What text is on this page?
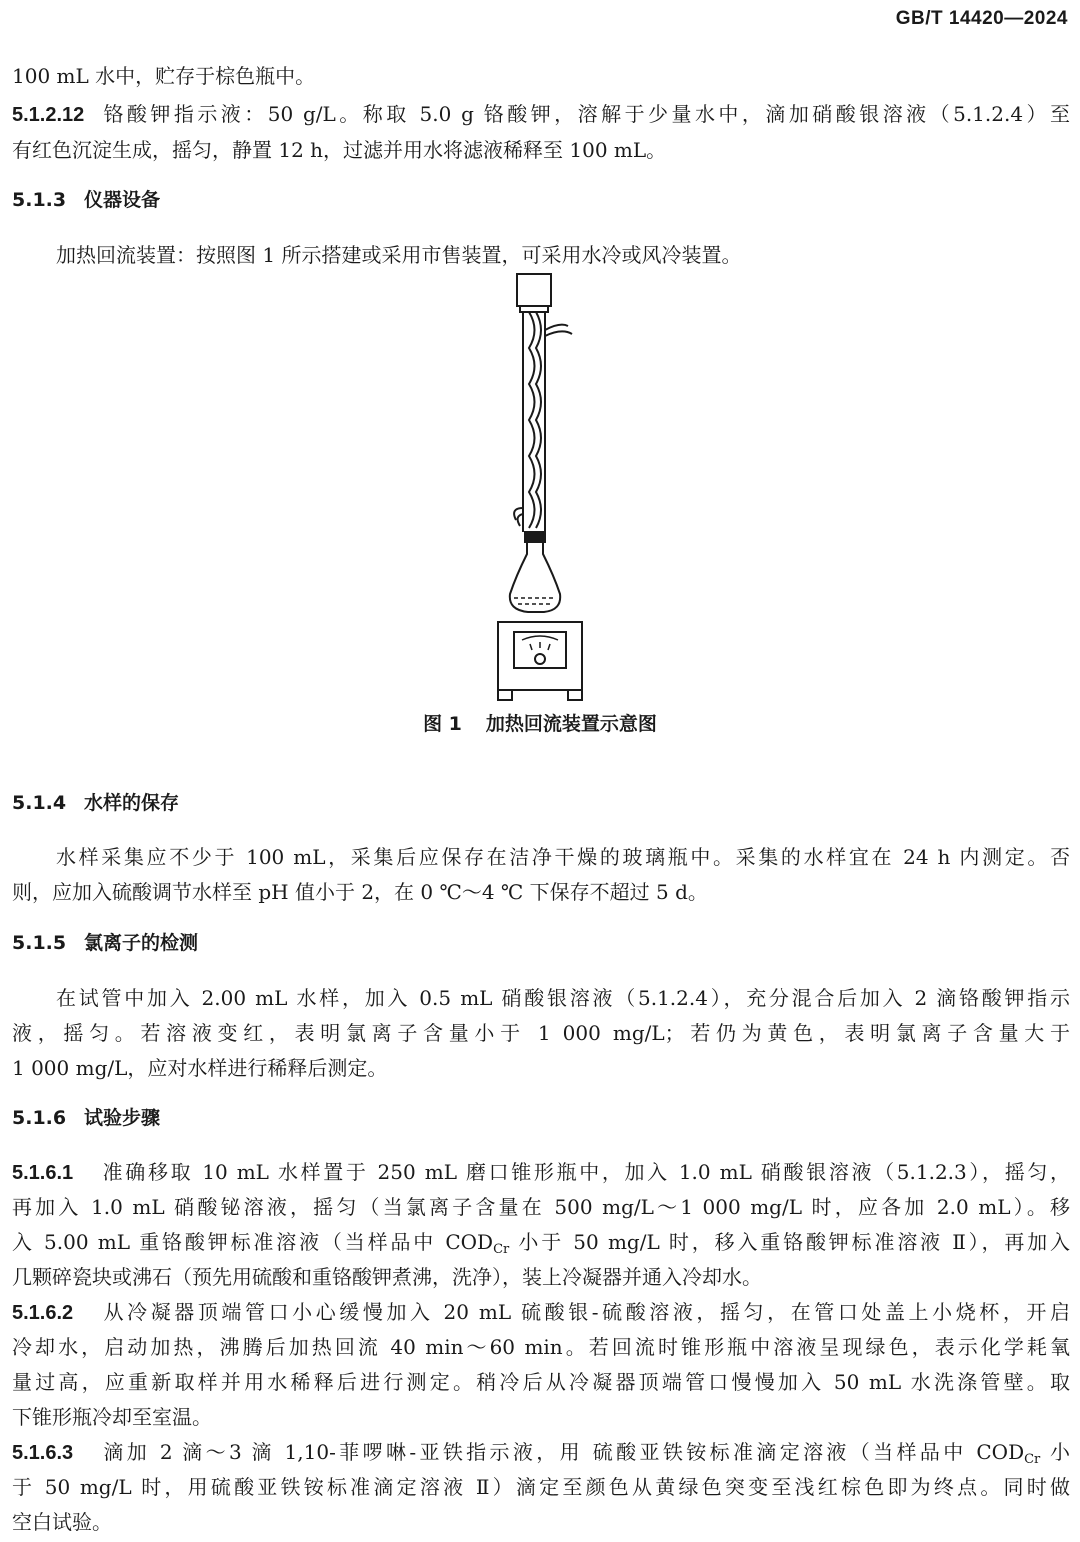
GB/T 14420—2024
100 mL 水中，贮存于棕色瓶中。
5.1.2.12 铬酸钾指示液：50 g/L。称取 5.0 g 铬酸钾，溶解于少量水中，滴加硝酸银溶液（5.1.2.4）至
有红色沉淀生成，摇匀，静置 12 h，过滤并用水将滤液稀释至 100 mL。
5.1.3 仪器设备
加热回流装置：按照图 1 所示搭建或采用市售装置，可采用水冷或风冷装置。
图 1 加热回流装置示意图
5.1.4 水样的保存
水样采集应不少于 100 mL，采集后应保存在洁净干燥的玻璃瓶中。采集的水样宜在 24 h 内测定。否
则，应加入硫酸调节水样至 pH 值小于 2，在 0 ℃～4 ℃ 下保存不超过 5 d。
5.1.5 氯离子的检测
在试管中加入 2.00 mL 水样，加入 0.5 mL 硝酸银溶液（5.1.2.4），充分混合后加入 2 滴铬酸钾指示
液，摇匀。若溶液变红，表明氯离子含量小于 1 000 mg/L；若仍为黄色，表明氯离子含量大于
1 000 mg/L，应对水样进行稀释后测定。
5.1.6 试验步骤
5.1.6.1 准确移取 10 mL 水样置于 250 mL 磨口锥形瓶中，加入 1.0 mL 硝酸银溶液（5.1.2.3），摇匀，
再加入 1.0 mL 硝酸铋溶液，摇匀（当氯离子含量在 500 mg/L～1 000 mg/L 时，应各加 2.0 mL）。移
入 5.00 mL 重铬酸钾标准溶液（当样品中 $COD_{Cr}$ 小于 50 mg/L 时，移入重铬酸钾标准溶液 Ⅱ），再加入
几颗碎瓷块或沸石（预先用硫酸和重铬酸钾煮沸，洗净），装上冷凝器并通入冷却水。
5.1.6.2 从冷凝器顶端管口小心缓慢加入 20 mL 硫酸银-硫酸溶液，摇匀，在管口处盖上小烧杯，开启
冷却水，启动加热，沸腾后加热回流 40 min～60 min。若回流时锥形瓶中溶液呈现绿色，表示化学耗氧
量过高，应重新取样并用水稀释后进行测定。稍冷后从冷凝器顶端管口慢慢加入 50 mL 水洗涤管壁。取
下锥形瓶冷却至室温。
5.1.6.3 滴加 2 滴～3 滴 1,10-菲啰啉-亚铁指示液，用 硫酸亚铁铵标准滴定溶液（当样品中 $COD_{Cr}$ 小
于 50 mg/L 时，用硫酸亚铁铵标准滴定溶液 Ⅱ）滴定至颜色从黄绿色突变至浅红棕色即为终点。同时做
空白试验。
